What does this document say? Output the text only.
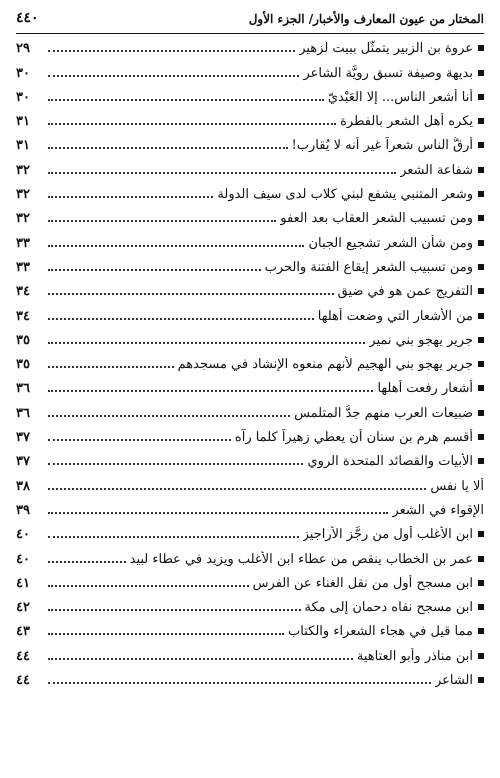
المختار من عيون المعارف والأخبار/ الجزء الأول
٤٤٠
عروة بن الزبير يتمثّل ببيت لزهير
٢٩
بديهة وصيفة تسبق رويَّة الشاعر
٣٠
أنا أشعر الناس... إلا العَبْديّ
٣٠
يكره أهل الشعر بالفطرة
٣١
أرقُّ الناس شعراً غير أنه لا يُقارب!
٣١
شفاعة الشعر
٣٢
وشعر المتنبي يشفع لبني كلاب لدى سيف الدولة
٣٢
ومن تسبيب الشعر العقاب بعد العفو
٣٢
ومن شأن الشعر تشجيع الجبان
٣٣
ومن تسبيب الشعر إيقاع الفتنة والحرب
٣٣
التفريج عمن هو في ضيق
٣٤
من الأشعار التي وضعت أهلها
٣٤
جرير يهجو بني نمير
٣٥
جرير يهجو بني الهجيم لأنهم منعوه الإنشاد في مسجدهم
٣٥
أشعار رفعت أهلها
٣٦
ضبيعات العرب منهم جدُّ المتلمس
٣٦
أقسم هرم بن سنان أن يعطي زهيراً كلما رآه
٣٧
الأبيات والقصائد المتحدة الروي
٣٧
ألا يا نفس
٣٨
الإقواء في الشعر
٣٩
ابن الأغلب أول من رجَّز الأراجيز
٤٠
عمر بن الخطاب ينقص من عطاء ابن الأغلب ويزيد في عطاء لبيد
٤٠
ابن مسجح أول من نقل الغناء عن الفرس
٤١
ابن مسجح نفاه دحمان إلى مكة
٤٢
مما قيل في هجاء الشعراء والكتاب
٤٣
ابن مناذر وأبو العتاهية
٤٤
الشاعر
٤٤
